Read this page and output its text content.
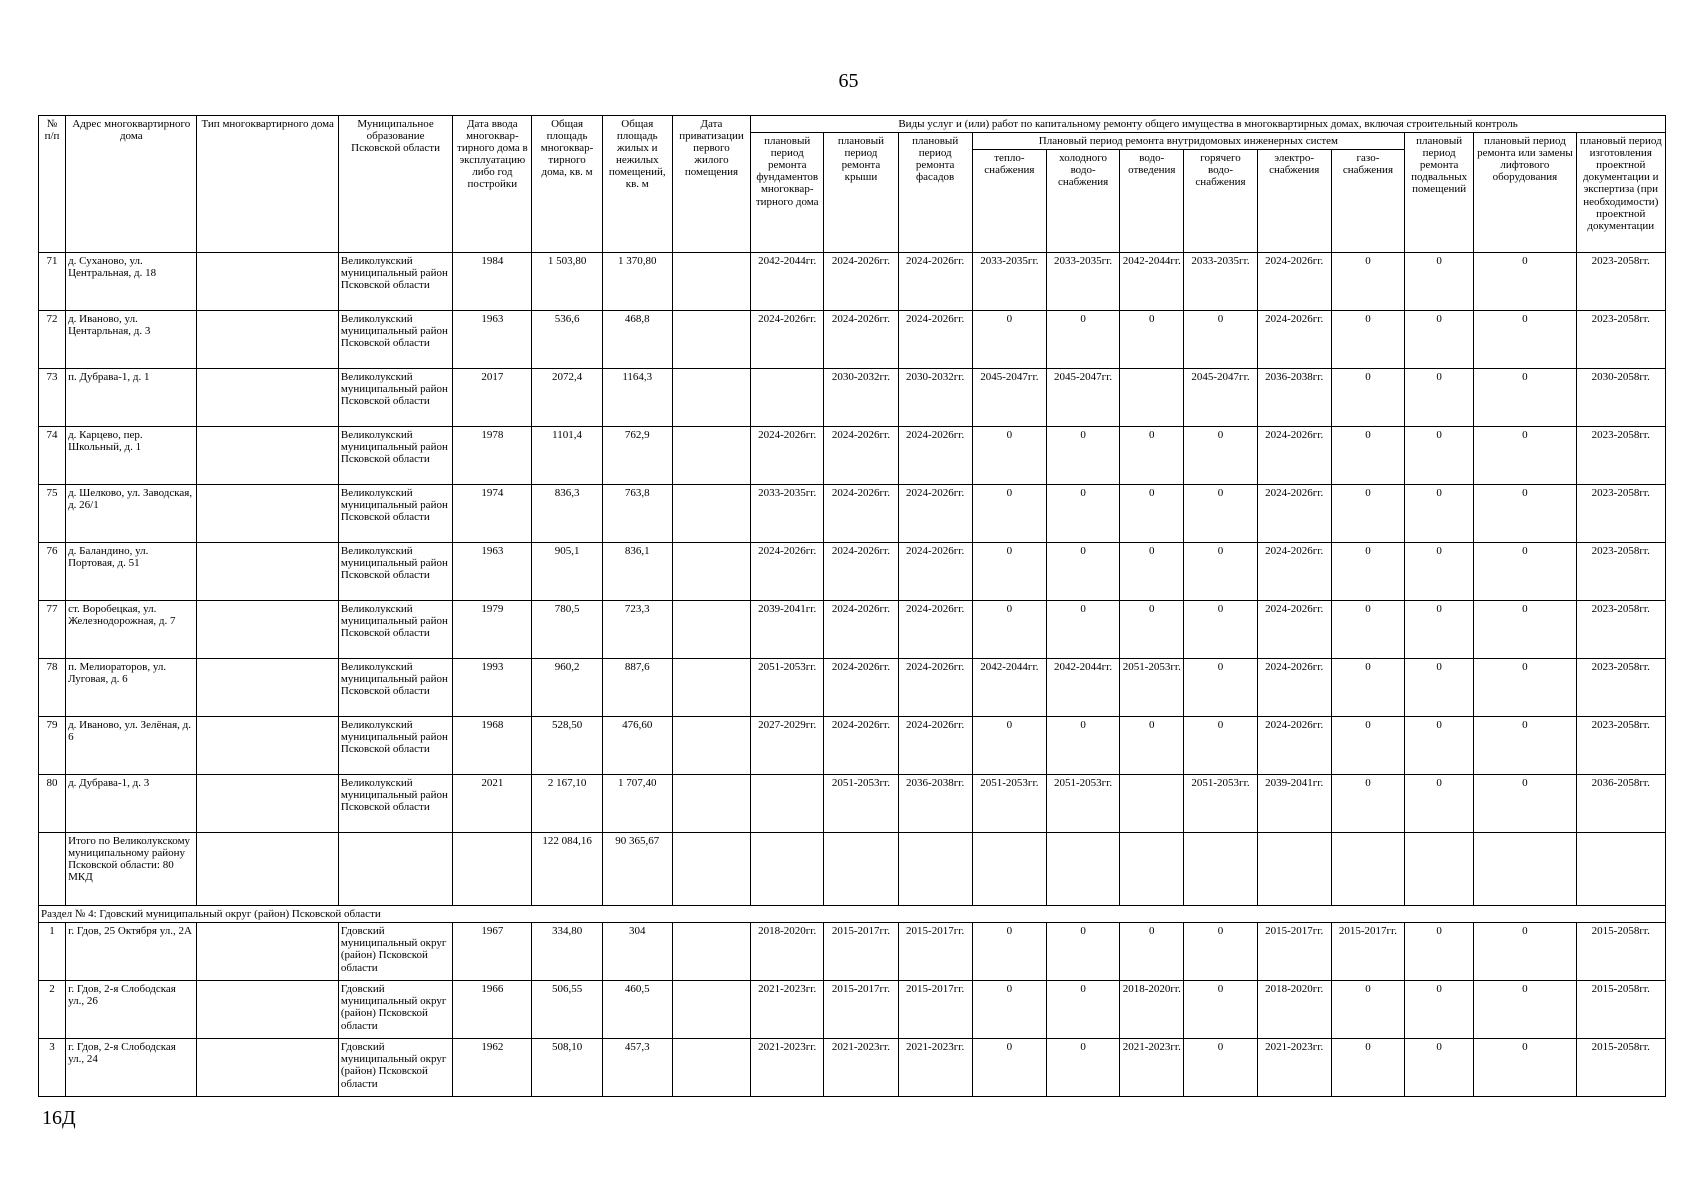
65
№ п/п	Адрес многоквартирного дома	Тип многоквартирного дома	Муниципальное образование Псковской области	Дата ввода многоквар-тирного дома в эксплуатацию либо год постройки	Общая площадь многоквар-тирного дома, кв. м	Общая площадь жилых и нежилых помещений, кв. м	Дата приватизации первого жилого помещения	Виды услуг и (или) работ по капитальному ремонту общего имущества в многоквартирных домах, включая строительный контроль											
								плановый период ремонта фундаментов многоквар-тирного дома	плановый период ремонта крыши	плановый период ремонта фасадов	Плановый период ремонта внутридомовых инженерных систем						плановый период ремонта подвальных помещений	плановый период ремонта или замены лифтового оборудования	плановый период изготовления проектной документации и экспертиза (при необходимости) проектной документации
											тепло-снабжения	холодного водо-снабжения	водо-отведения	горячего водо-снабжения	электро-снабжения	газо-снабжения			
71	д. Суханово, ул. Центральная, д. 18		Великолукский муниципальный район Псковской области	1984	1 503,80	1 370,80		2042-2044гг.	2024-2026гг.	2024-2026гг.	2033-2035гг.	2033-2035гг.	2042-2044гг.	2033-2035гг.	2024-2026гг.	0	0	0	2023-2058гг.
72	д. Иваново, ул. Центарльная, д. 3		Великолукский муниципальный район Псковской области	1963	536,6	468,8		2024-2026гг.	2024-2026гг.	2024-2026гг.	0	0	0	0	2024-2026гг.	0	0	0	2023-2058гг.
73	п. Дубрава-1, д. 1		Великолукский муниципальный район Псковской области	2017	2072,4	1164,3			2030-2032гг.	2030-2032гг.	2045-2047гг.	2045-2047гг.		2045-2047гг.	2036-2038гг.	0	0	0	2030-2058гг.
74	д. Карцево, пер. Школьный, д. 1		Великолукский муниципальный район Псковской области	1978	1101,4	762,9		2024-2026гг.	2024-2026гг.	2024-2026гг.	0	0	0	0	2024-2026гг.	0	0	0	2023-2058гг.
75	д. Шелково, ул. Заводская, д. 26/1		Великолукский муниципальный район Псковской области	1974	836,3	763,8		2033-2035гг.	2024-2026гг.	2024-2026гг.	0	0	0	0	2024-2026гг.	0	0	0	2023-2058гг.
76	д. Баландино, ул. Портовая, д. 51		Великолукский муниципальный район Псковской области	1963	905,1	836,1		2024-2026гг.	2024-2026гг.	2024-2026гг.	0	0	0	0	2024-2026гг.	0	0	0	2023-2058гг.
77	ст. Воробецкая, ул. Железнодорожная, д. 7		Великолукский муниципальный район Псковской области	1979	780,5	723,3		2039-2041гг.	2024-2026гг.	2024-2026гг.	0	0	0	0	2024-2026гг.	0	0	0	2023-2058гг.
78	п. Мелиораторов, ул. Луговая, д. 6		Великолукский муниципальный район Псковской области	1993	960,2	887,6		2051-2053гг.	2024-2026гг.	2024-2026гг.	2042-2044гг.	2042-2044гг.	2051-2053гг.	0	2024-2026гг.	0	0	0	2023-2058гг.
79	д. Иваново, ул. Зелёная, д. 6		Великолукский муниципальный район Псковской области	1968	528,50	476,60		2027-2029гг.	2024-2026гг.	2024-2026гг.	0	0	0	0	2024-2026гг.	0	0	0	2023-2058гг.
80	д. Дубрава-1, д. 3		Великолукский муниципальный район Псковской области	2021	2 167,10	1 707,40			2051-2053гг.	2036-2038гг.	2051-2053гг.	2051-2053гг.		2051-2053гг.	2039-2041гг.	0	0	0	2036-2058гг.
	Итого по Великолукскому муниципальному району Псковской области: 80 МКД				122 084,16	90 365,67													
Раздел № 4: Гдовский муниципальный округ (район) Псковской области																			
1	г. Гдов, 25 Октября ул., 2А		Гдовский муниципальный округ (район) Псковской области	1967	334,80	304		2018-2020гг.	2015-2017гг.	2015-2017гг.	0	0	0	0	2015-2017гг.	2015-2017гг.	0	0	2015-2058гг.
2	г. Гдов, 2-я Слободская ул., 26		Гдовский муниципальный округ (район) Псковской области	1966	506,55	460,5		2021-2023гг.	2015-2017гг.	2015-2017гг.	0	0	2018-2020гг.	0	2018-2020гг.	0	0	0	2015-2058гг.
3	г. Гдов, 2-я Слободская ул., 24		Гдовский муниципальный округ (район) Псковской области	1962	508,10	457,3		2021-2023гг.	2021-2023гг.	2021-2023гг.	0	0	2021-2023гг.	0	2021-2023гг.	0	0	0	2015-2058гг.
16Д
